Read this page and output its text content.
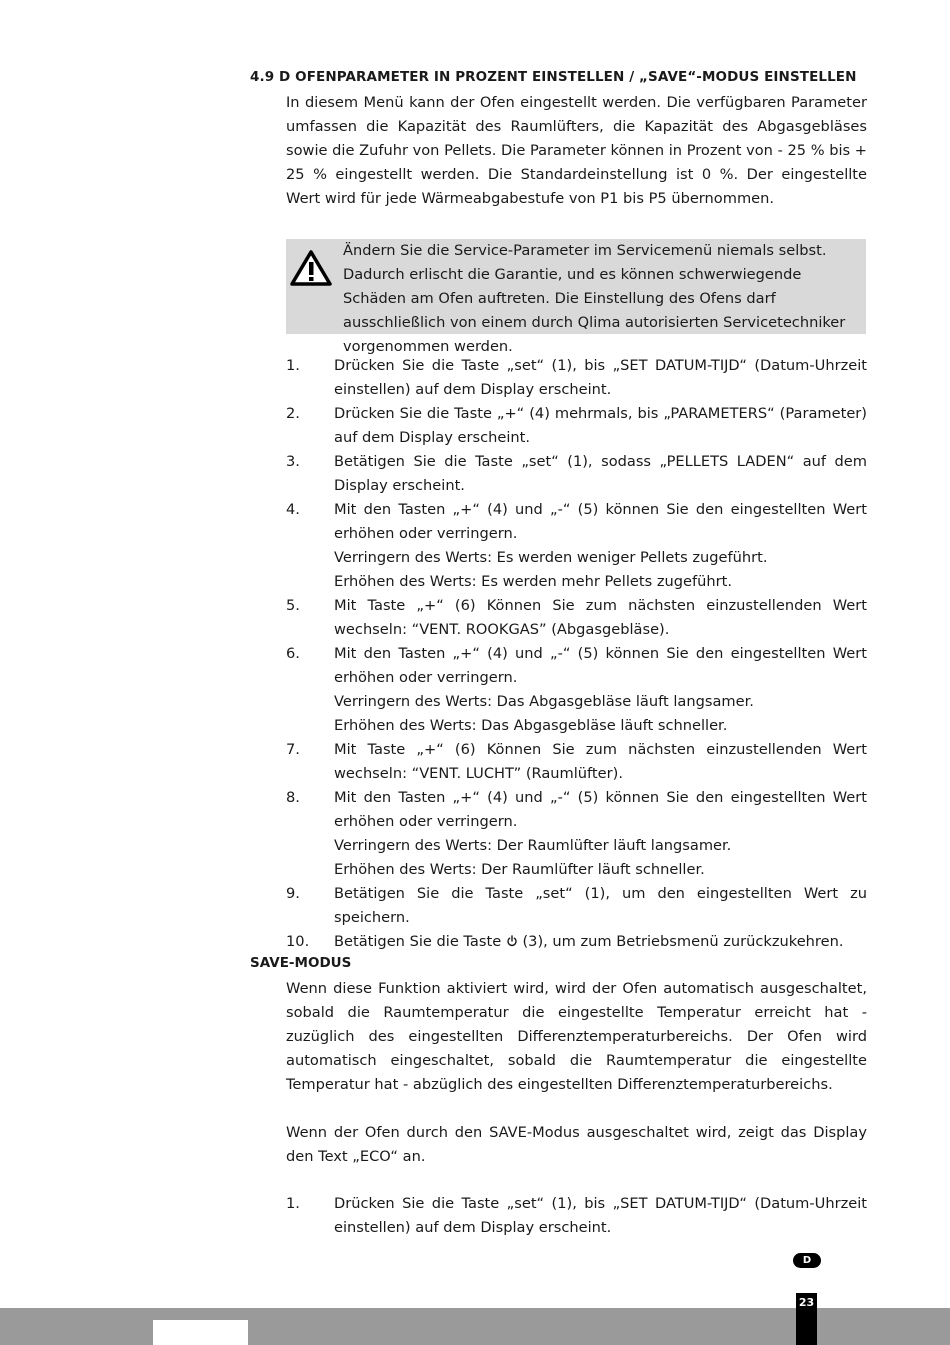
4.9 D OFENPARAMETER IN PROZENT EINSTELLEN / „SAVE“-MODUS EINSTELLEN
In diesem Menü kann der Ofen eingestellt werden. Die verfügbaren Parameter umfassen die Kapazität des Raumlüfters, die Kapazität des Abgasgebläses sowie die Zufuhr von Pellets. Die Parameter können in Prozent von - 25 % bis + 25 % eingestellt werden. Die Standardeinstellung ist 0 %. Der eingestellte Wert wird für jede Wärmeabgabestufe von P1 bis P5 übernommen.
Ändern Sie die Service-Parameter im Servicemenü niemals selbst. Dadurch erlischt die Garantie, und es können schwerwiegende Schäden am Ofen auftreten. Die Einstellung des Ofens darf ausschließlich von einem durch Qlima autorisierten Servicetechniker vorgenommen werden.
1.	Drücken Sie die Taste „set“ (1), bis „SET DATUM-TIJD“ (Datum-Uhrzeit einstellen) auf dem Display erscheint.
2.	Drücken Sie die Taste „+“ (4) mehrmals, bis „PARAMETERS“ (Parameter) auf dem Display erscheint.
3.	Betätigen Sie die Taste „set“ (1), sodass „PELLETS LADEN“ auf dem Display erscheint.
4.	Mit den Tasten „+“ (4) und „-“ (5) können Sie den eingestellten Wert erhöhen oder verringern.
Verringern des Werts: Es werden weniger Pellets zugeführt.
Erhöhen des Werts: Es werden mehr Pellets zugeführt.
5.	Mit Taste „+“ (6) Können Sie zum nächsten einzustellenden Wert wechseln: “VENT. ROOKGAS” (Abgasgebläse).
6.	Mit den Tasten „+“ (4) und „-“ (5) können Sie den eingestellten Wert erhöhen oder verringern.
Verringern des Werts: Das Abgasgebläse läuft langsamer.
Erhöhen des Werts: Das Abgasgebläse läuft schneller.
7.	Mit Taste „+“ (6) Können Sie zum nächsten einzustellenden Wert wechseln: “VENT. LUCHT” (Raumlüfter).
8.	Mit den Tasten „+“ (4) und „-“ (5) können Sie den eingestellten Wert erhöhen oder verringern.
Verringern des Werts: Der Raumlüfter läuft langsamer.
Erhöhen des Werts: Der Raumlüfter läuft schneller.
9.	Betätigen Sie die Taste „set“ (1), um den eingestellten Wert zu speichern.
10.	Betätigen Sie die Taste (3), um zum Betriebsmenü zurückzukehren.
SAVE-MODUS
Wenn diese Funktion aktiviert wird, wird der Ofen automatisch ausgeschaltet, sobald die Raumtemperatur die eingestellte Temperatur erreicht hat - zuzüglich des eingestellten Differenztemperaturbereichs. Der Ofen wird automatisch eingeschaltet, sobald die Raumtemperatur die eingestellte Temperatur hat - abzüglich des eingestellten Differenztemperaturbereichs.
Wenn der Ofen durch den SAVE-Modus ausgeschaltet wird, zeigt das Display den Text „ECO“ an.
1.	Drücken Sie die Taste „set“ (1), bis „SET DATUM-TIJD“ (Datum-Uhrzeit einstellen) auf dem Display erscheint.
D
23
